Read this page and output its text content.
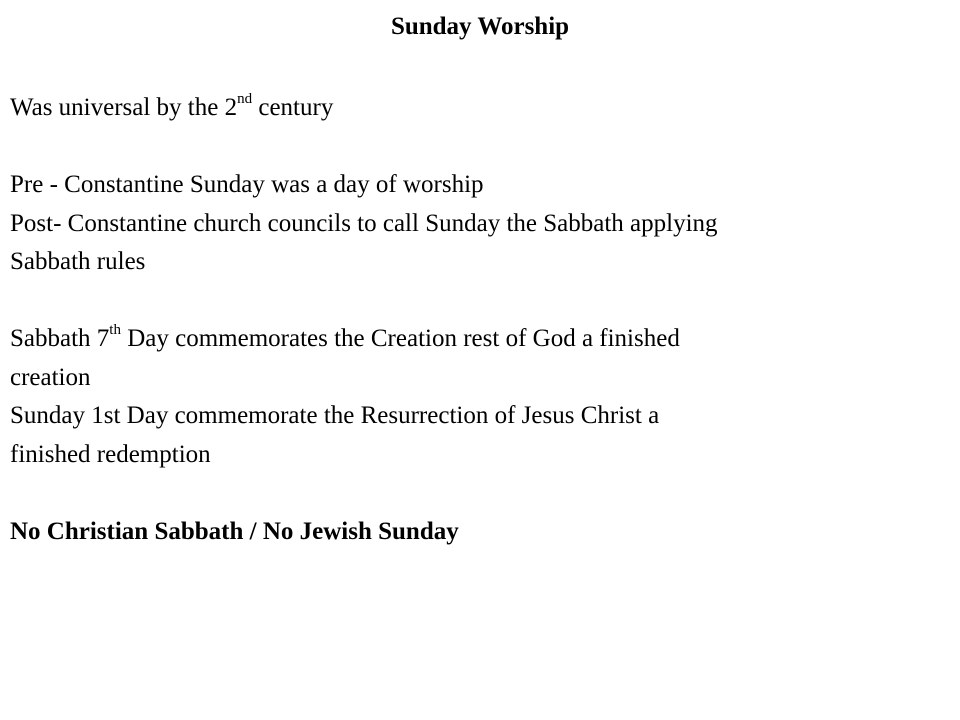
Sunday Worship

Was universal by the 2nd century

Pre - Constantine Sunday was a day of worship

Post- Constantine church councils to call Sunday the Sabbath applying

Sabbath rules

Sabbath 7th Day commemorates the Creation rest of God a finished

creation

Sunday 1st Day commemorate the Resurrection of Jesus Christ a

finished redemption

No Christian Sabbath / No Jewish Sunday
